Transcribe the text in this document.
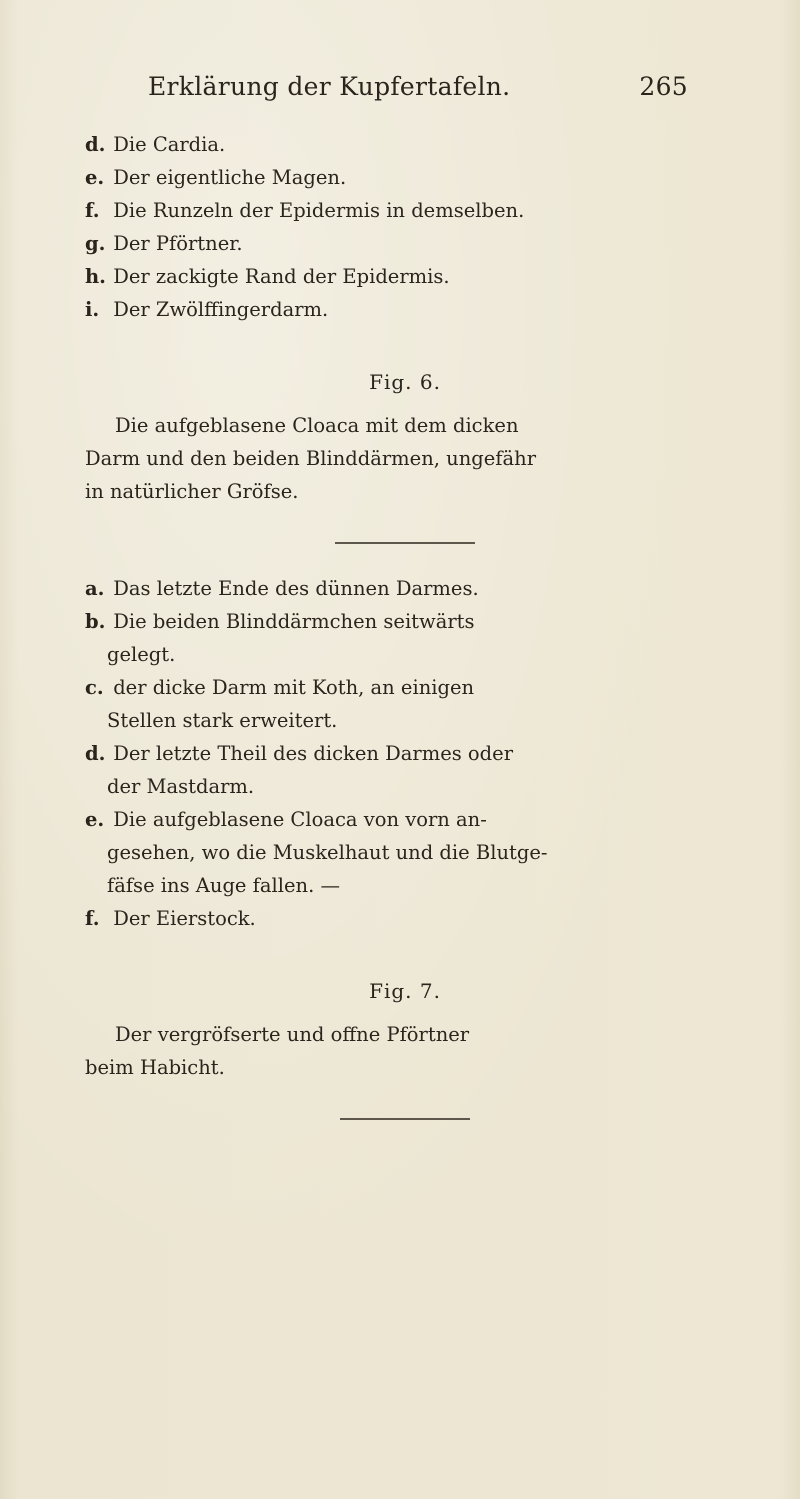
Erklärung der Kupfertafeln.	265
d. Die Cardia.
e. Der eigentliche Magen.
f. Die Runzeln der Epidermis in demselben.
g. Der Pförtner.
h. Der zackigte Rand der Epidermis.
i. Der Zwölffingerdarm.
Fig. 6.
Die aufgeblasene Cloaca mit dem dicken
Darm und den beiden Blinddärmen, ungefähr
in natürlicher Gröfse.
a. Das letzte Ende des dünnen Darmes.
b. Die beiden Blinddärmchen seitwärts
gelegt.
c. der dicke Darm mit Koth, an einigen
Stellen stark erweitert.
d. Der letzte Theil des dicken Darmes oder
der Mastdarm.
e. Die aufgeblasene Cloaca von vorn an-
gesehen, wo die Muskelhaut und die Blutge-
fäfse ins Auge fallen. —
f. Der Eierstock.
Fig. 7.
Der vergröfserte und offne Pförtner
beim Habicht.
